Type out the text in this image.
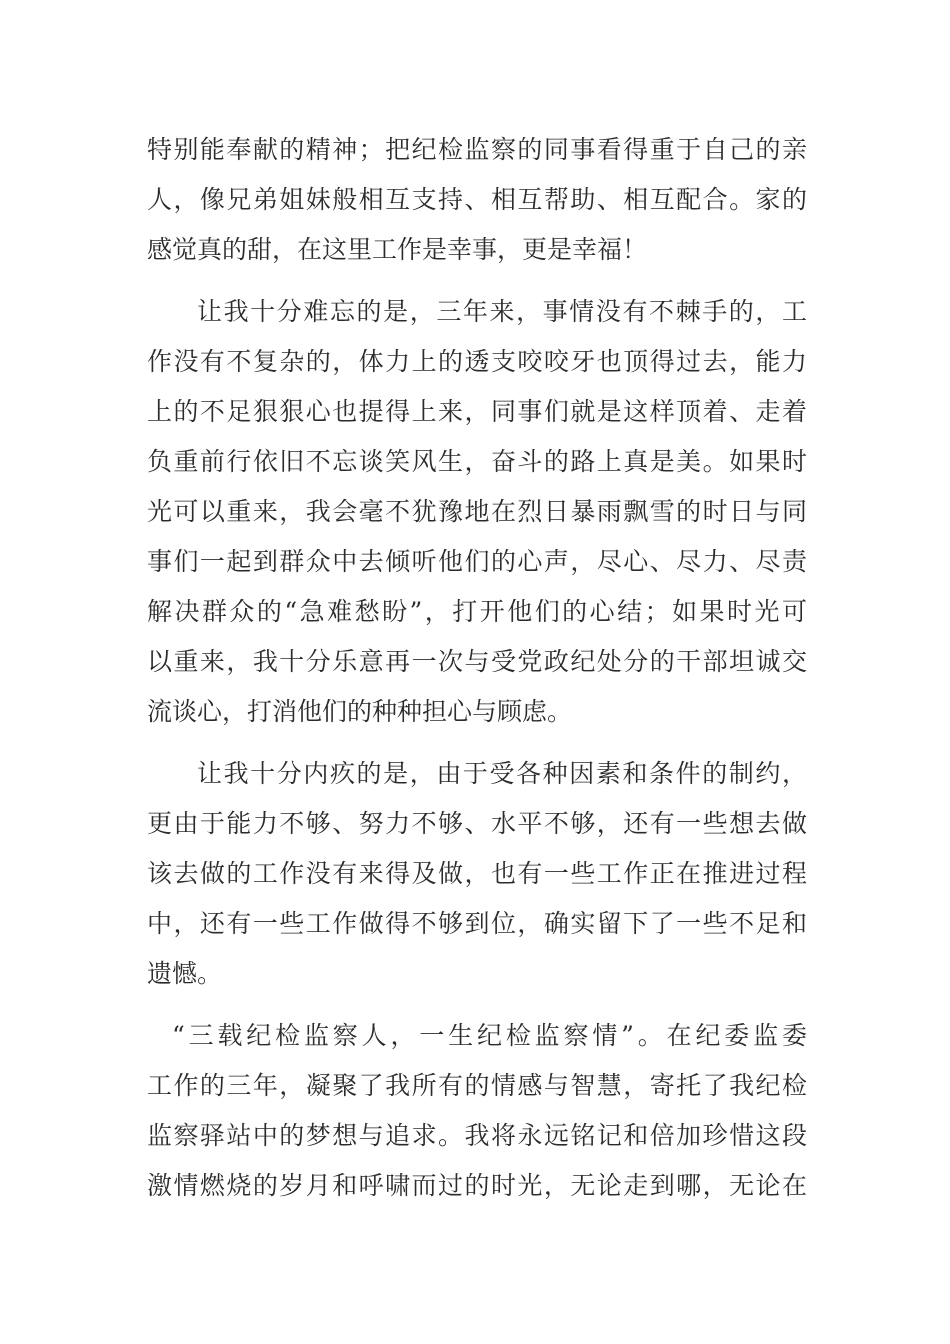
特别能奉献的精神；把纪检监察的同事看得重于自己的亲
人，像兄弟姐妹般相互支持、相互帮助、相互配合。家的
感觉真的甜，在这里工作是幸事，更是幸福！
让我十分难忘的是，三年来，事情没有不棘手的，工
作没有不复杂的，体力上的透支咬咬牙也顶得过去，能力
上的不足狠狠心也提得上来，同事们就是这样顶着、走着
负重前行依旧不忘谈笑风生，奋斗的路上真是美。如果时
光可以重来，我会毫不犹豫地在烈日暴雨飘雪的时日与同
事们一起到群众中去倾听他们的心声，尽心、尽力、尽责
解决群众的“急难愁盼”，打开他们的心结；如果时光可
以重来，我十分乐意再一次与受党政纪处分的干部坦诚交
流谈心，打消他们的种种担心与顾虑。
让我十分内疚的是，由于受各种因素和条件的制约，
更由于能力不够、努力不够、水平不够，还有一些想去做
该去做的工作没有来得及做，也有一些工作正在推进过程
中，还有一些工作做得不够到位，确实留下了一些不足和
遗憾。
“三载纪检监察人，一生纪检监察情”。在纪委监委
工作的三年，凝聚了我所有的情感与智慧，寄托了我纪检
监察驿站中的梦想与追求。我将永远铭记和倍加珍惜这段
激情燃烧的岁月和呼啸而过的时光，无论走到哪，无论在
